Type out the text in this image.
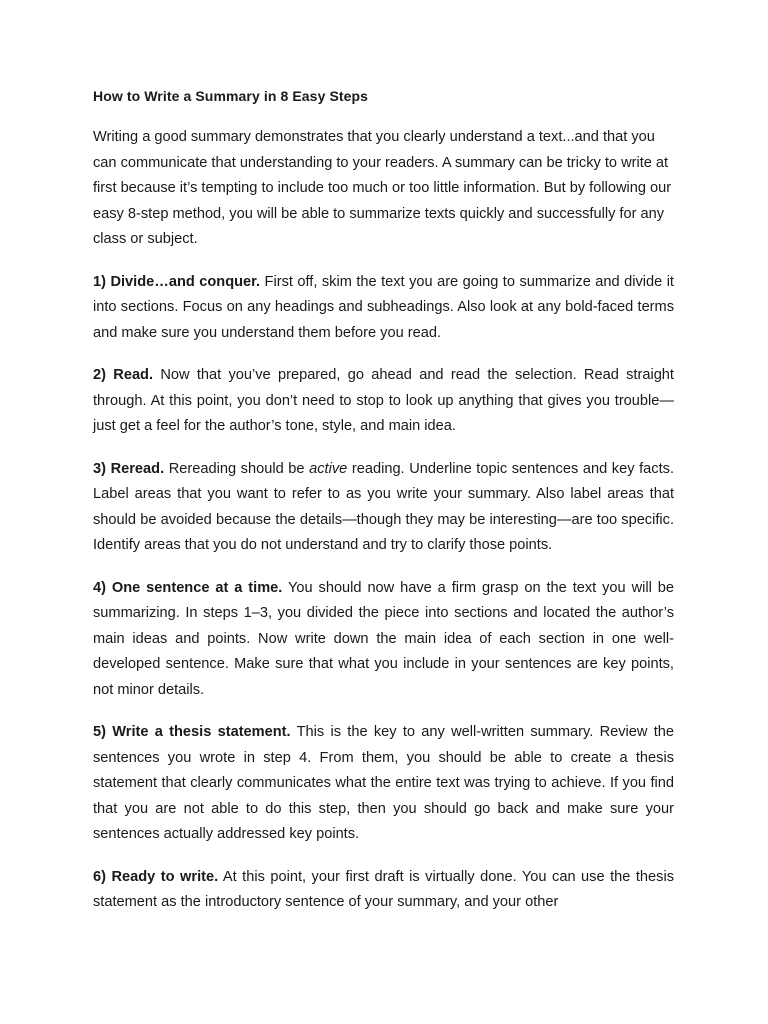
How to Write a Summary in 8 Easy Steps

Writing a good summary demonstrates that you clearly understand a text...and that you can communicate that understanding to your readers. A summary can be tricky to write at first because it’s tempting to include too much or too little information. But by following our easy 8-step method, you will be able to summarize texts quickly and successfully for any class or subject.

1) Divide…and conquer. First off, skim the text you are going to summarize and divide it into sections. Focus on any headings and subheadings. Also look at any bold-faced terms and make sure you understand them before you read.

2) Read. Now that you’ve prepared, go ahead and read the selection. Read straight through. At this point, you don’t need to stop to look up anything that gives you trouble—just get a feel for the author’s tone, style, and main idea.

3) Reread. Rereading should be active reading. Underline topic sentences and key facts. Label areas that you want to refer to as you write your summary. Also label areas that should be avoided because the details—though they may be interesting—are too specific. Identify areas that you do not understand and try to clarify those points.

4) One sentence at a time. You should now have a firm grasp on the text you will be summarizing. In steps 1–3, you divided the piece into sections and located the author’s main ideas and points. Now write down the main idea of each section in one well-developed sentence. Make sure that what you include in your sentences are key points, not minor details.

5) Write a thesis statement. This is the key to any well-written summary. Review the sentences you wrote in step 4. From them, you should be able to create a thesis statement that clearly communicates what the entire text was trying to achieve. If you find that you are not able to do this step, then you should go back and make sure your sentences actually addressed key points.

6) Ready to write. At this point, your first draft is virtually done. You can use the thesis statement as the introductory sentence of your summary, and your other
